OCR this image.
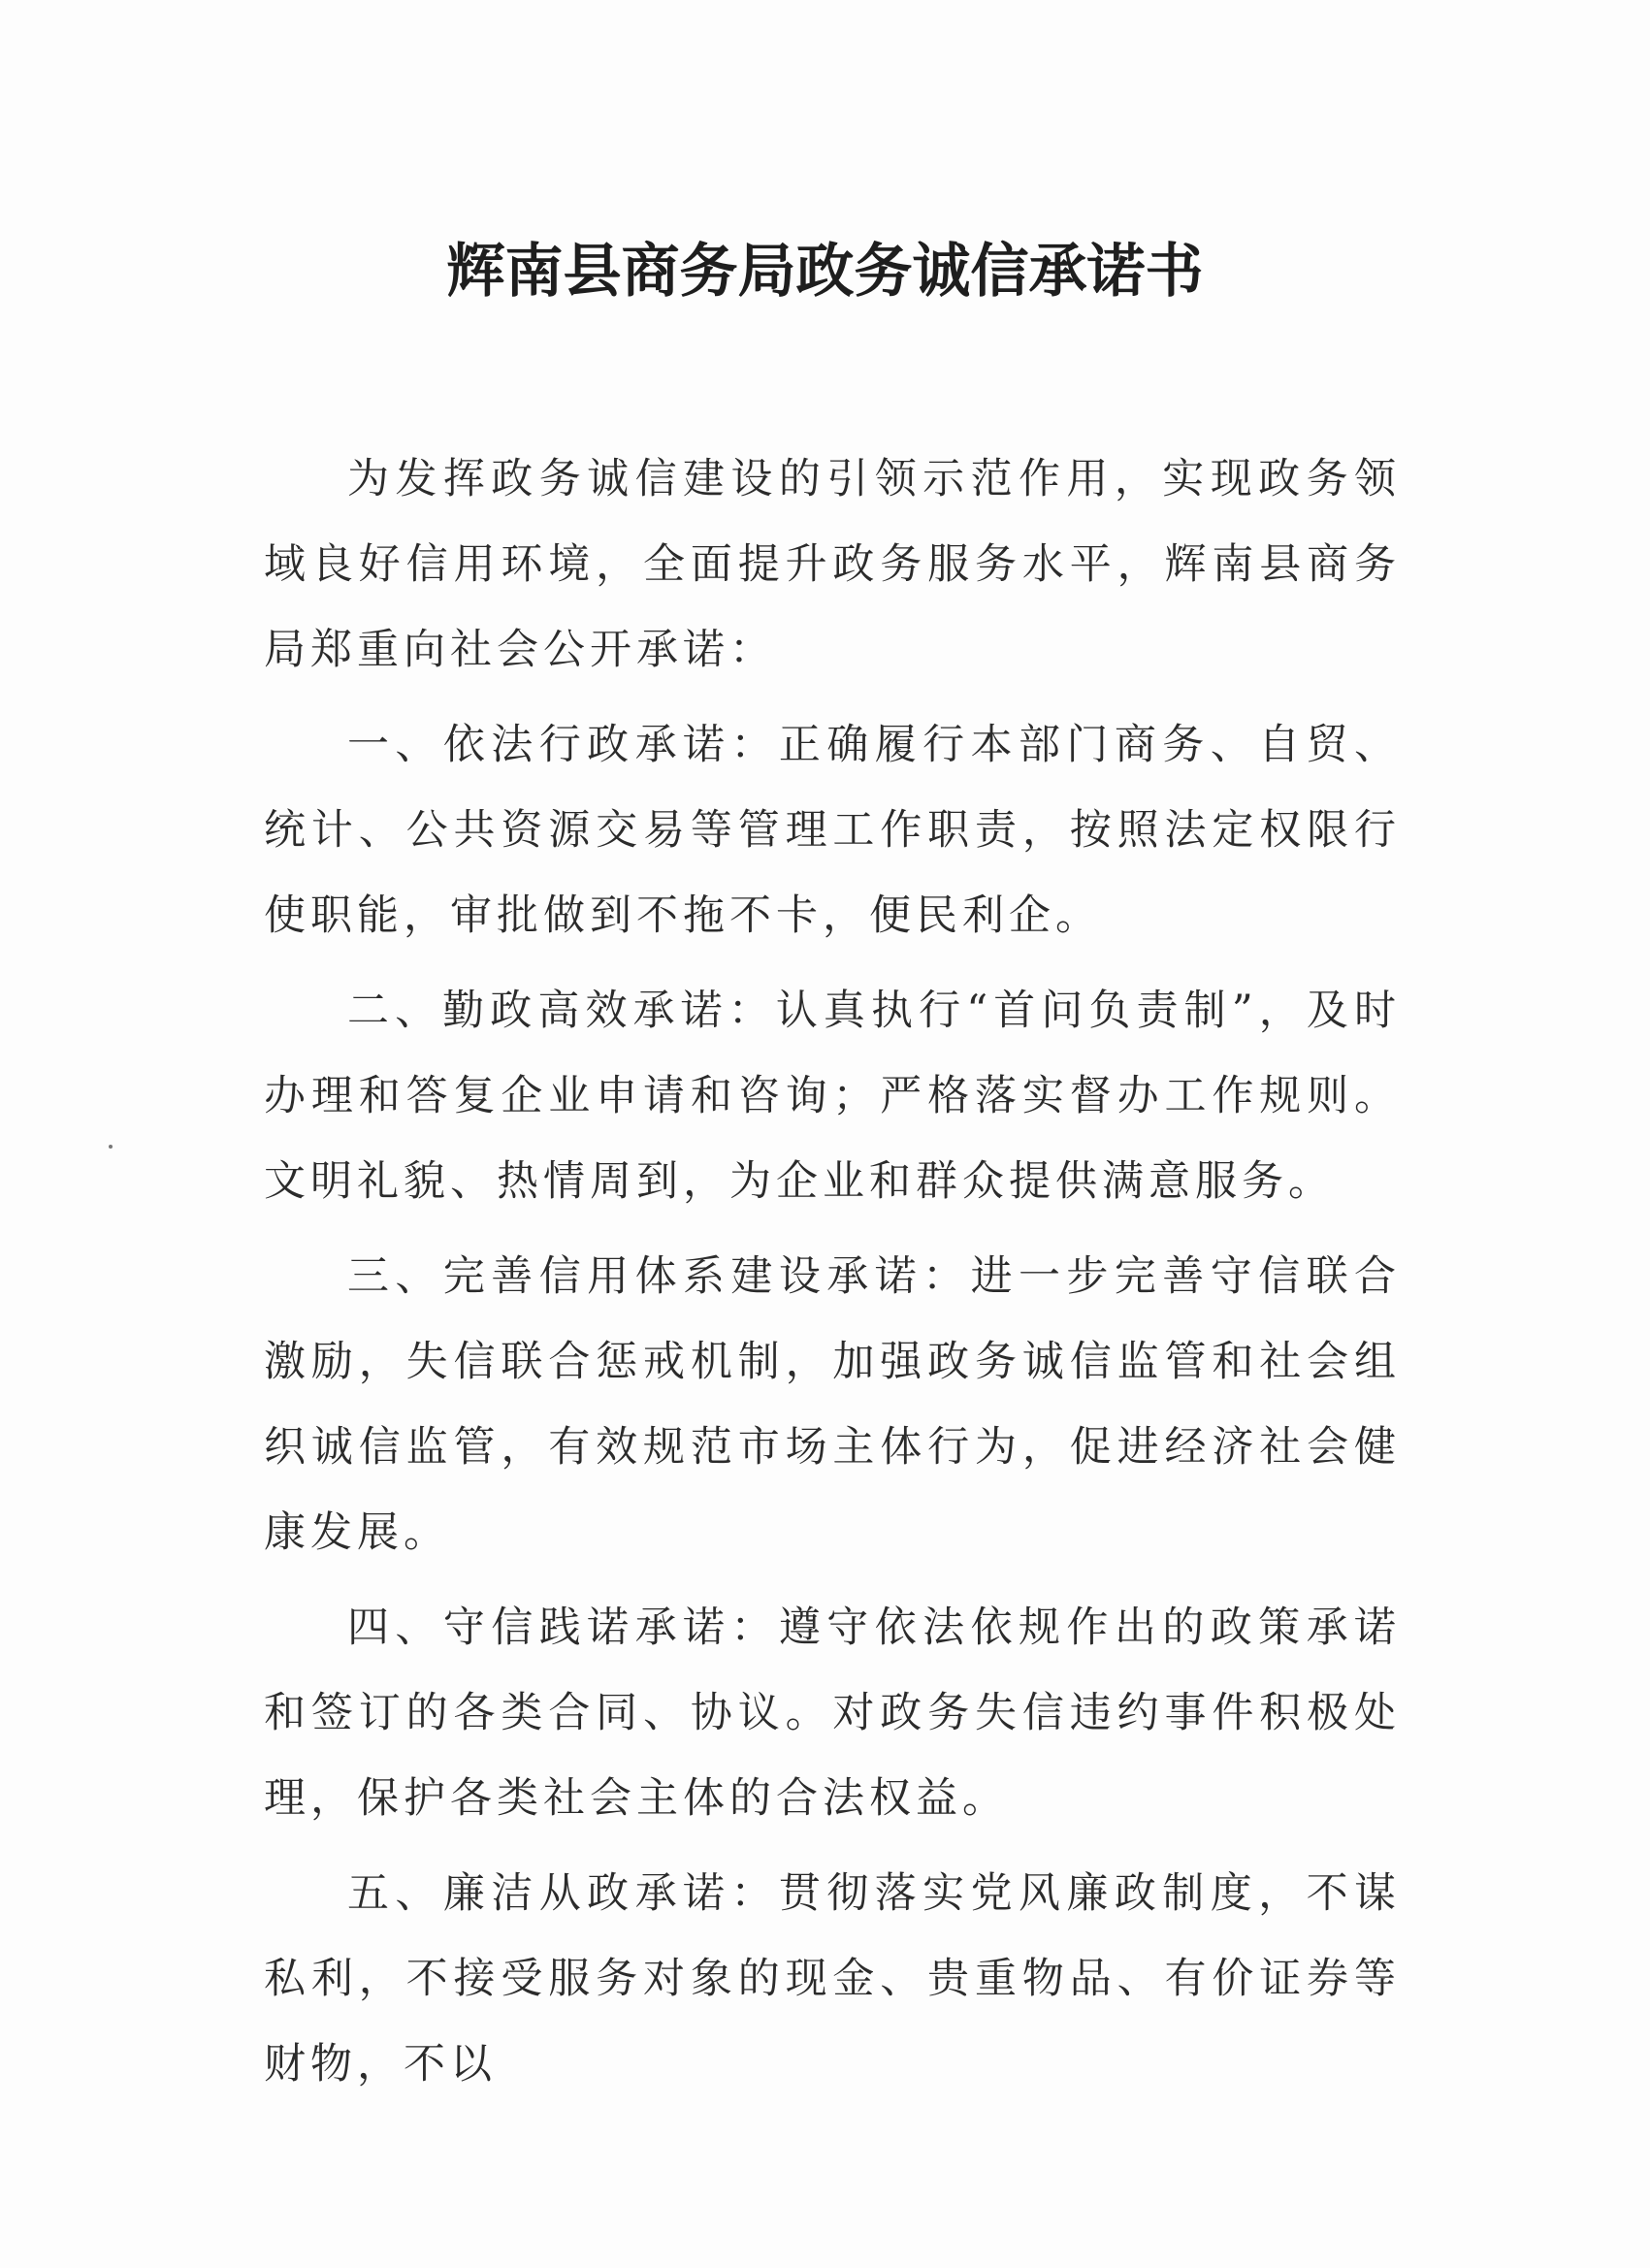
辉南县商务局政务诚信承诺书

为发挥政务诚信建设的引领示范作用，实现政务领域良好信用环境，全面提升政务服务水平，辉南县商务局郑重向社会公开承诺：

一、依法行政承诺：正确履行本部门商务、自贸、统计、公共资源交易等管理工作职责，按照法定权限行使职能，审批做到不拖不卡，便民利企。

二、勤政高效承诺：认真执行“首问负责制”，及时办理和答复企业申请和咨询；严格落实督办工作规则。文明礼貌、热情周到，为企业和群众提供满意服务。

三、完善信用体系建设承诺：进一步完善守信联合激励，失信联合惩戒机制，加强政务诚信监管和社会组织诚信监管，有效规范市场主体行为，促进经济社会健康发展。

四、守信践诺承诺：遵守依法依规作出的政策承诺和签订的各类合同、协议。对政务失信违约事件积极处理，保护各类社会主体的合法权益。

五、廉洁从政承诺：贯彻落实党风廉政制度，不谋私利，不接受服务对象的现金、贵重物品、有价证券等财物，不以
